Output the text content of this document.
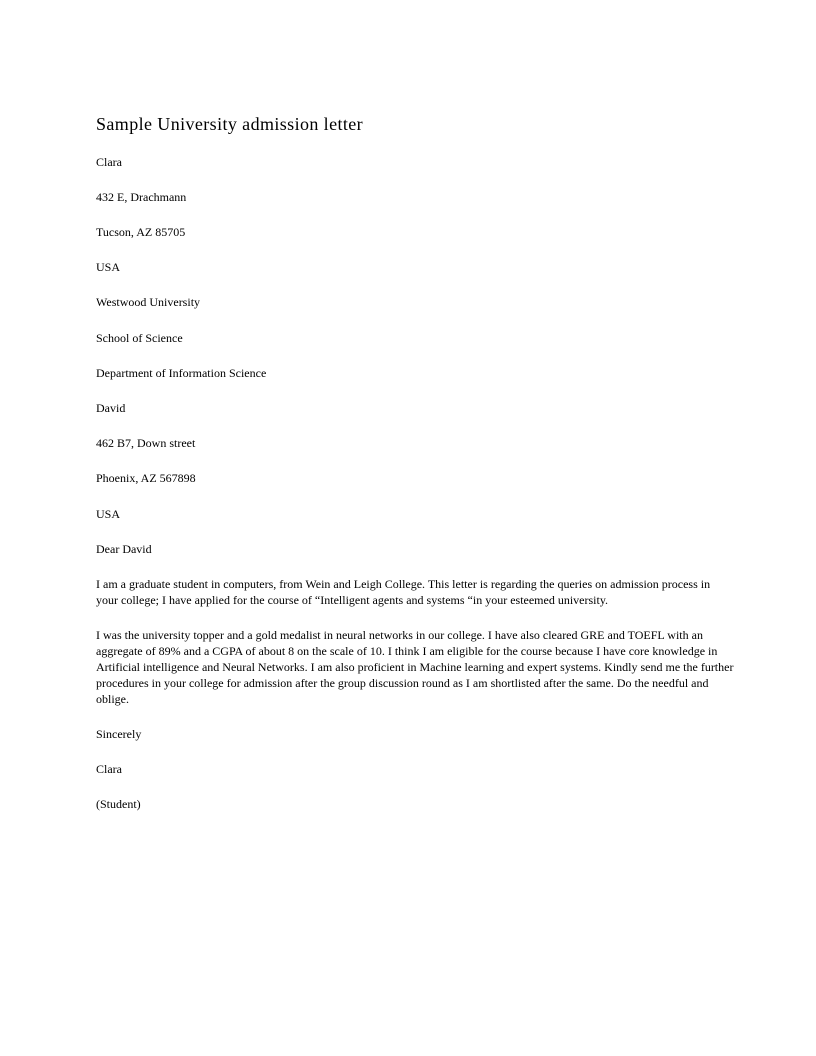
Sample University admission letter
Clara
432 E, Drachmann
Tucson, AZ 85705
USA
Westwood University
School of Science
Department of Information Science
David
462 B7, Down street
Phoenix, AZ 567898
USA
Dear David
I am a graduate student in computers, from Wein and Leigh College. This letter is regarding the queries on admission process in
your college; I have applied for the course of “Intelligent agents and systems “in your esteemed university.
I was the university topper and a gold medalist in neural networks in our college. I have also cleared GRE and TOEFL with an
aggregate of 89% and a CGPA of about 8 on the scale of 10. I think I am eligible for the course because I have core knowledge in
Artificial intelligence and Neural Networks. I am also proficient in Machine learning and expert systems. Kindly send me the further
procedures in your college for admission after the group discussion round as I am shortlisted after the same. Do the needful and
oblige.
Sincerely
Clara
(Student)
